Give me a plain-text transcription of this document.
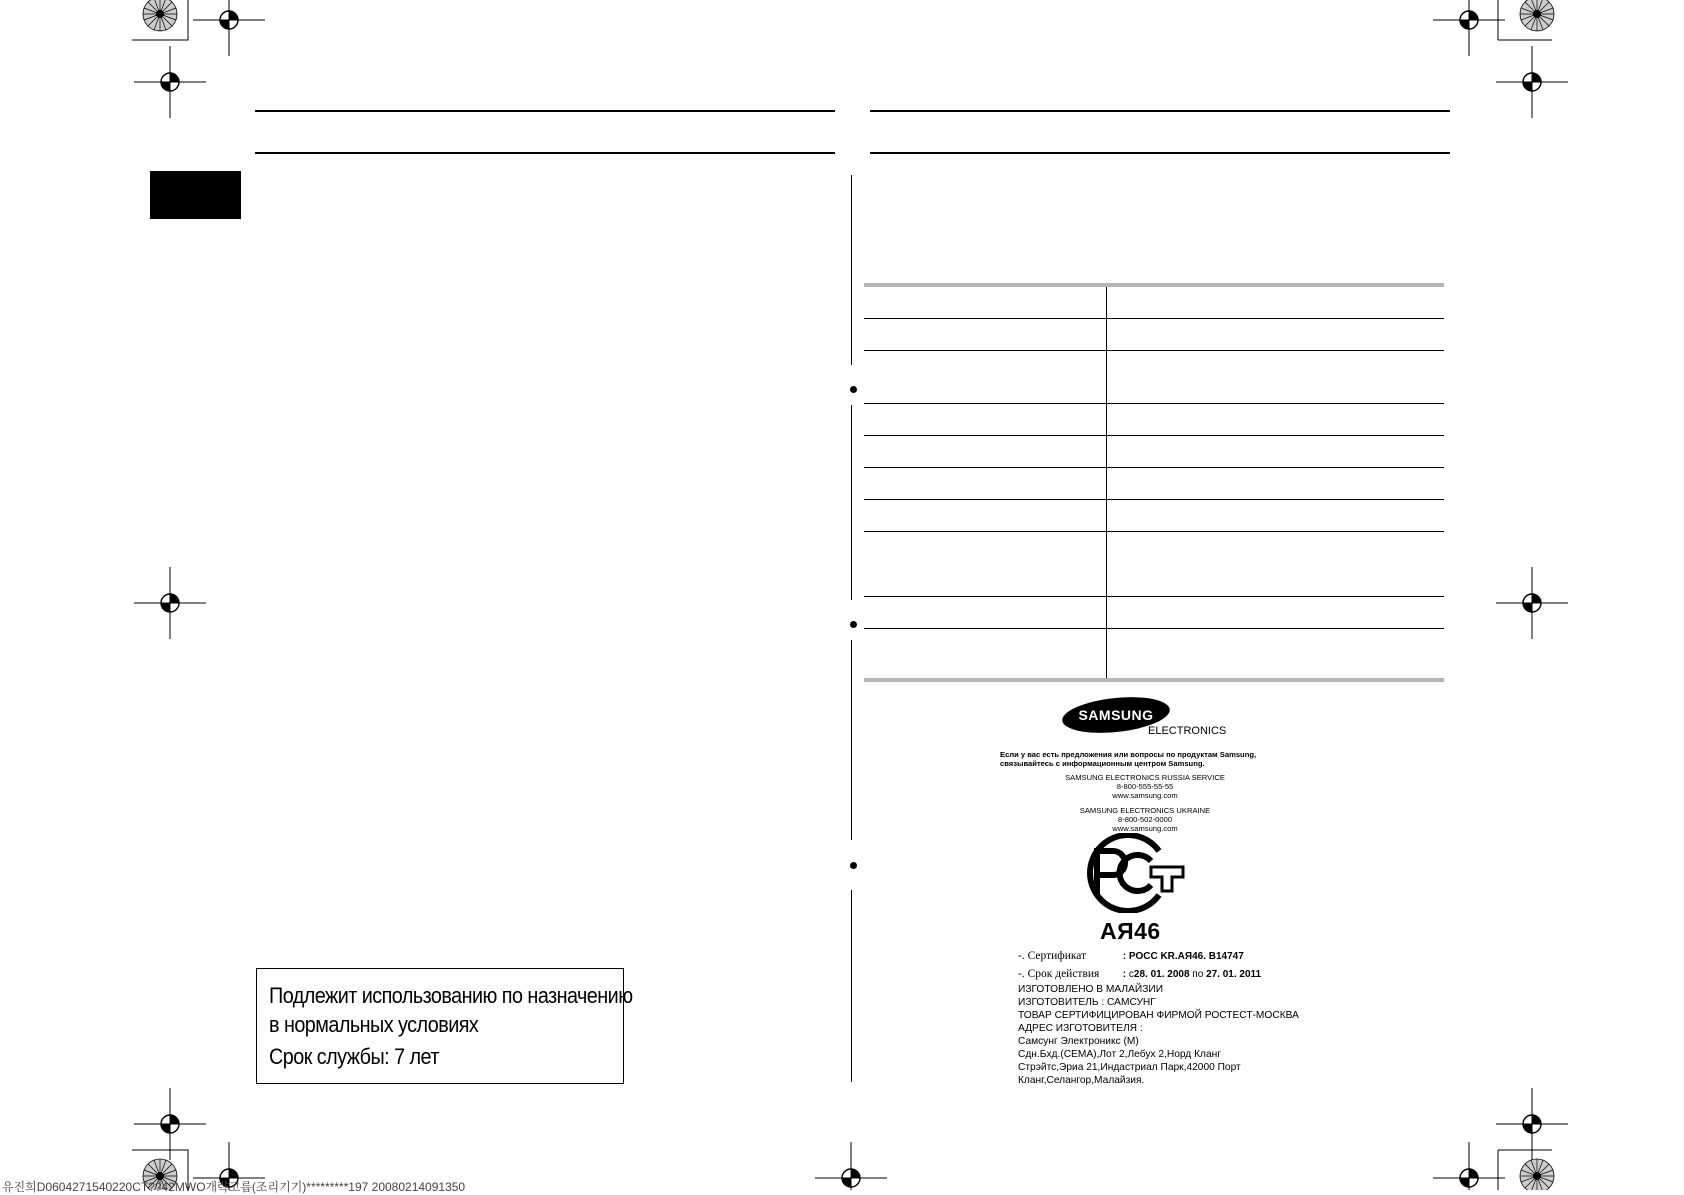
Подлежит использованию по назначению
в нормальных условиях
Срок службы: 7 лет
SAMSUNG
ELECTRONICS
Если у вас есть предложения или вопросы по продуктам Samsung,
связывайтесь с информационным центром Samsung.
SAMSUNG ELECTRONICS RUSSIA SERVICE
8-800-555-55-55
www.samsung.com
SAMSUNG ELECTRONICS UKRAINE
8-800-502-0000
www.samsung.com
АЯ46
-. Сертификат	: РОСС KR.АЯ46. B14747
-. Срок действия : с28. 01. 2008 по 27. 01. 2011
ИЗГОТОВЛЕНО В МАЛАЙЗИИ
ИЗГОТОВИТЕЛЬ : САМСУНГ
ТОВАР СЕРТИФИЦИРОВАН ФИРМОЙ РОСТЕСТ-МОСКВА
АДРЕС ИЗГОТОВИТЕЛЯ :
Самсунг Электроникс (М)
Сдн.Бхд.(СЕМА),Лот 2,Лебух 2,Норд Кланг
Стрэйтс,Эриа 21,Индастриал Парк,42000 Порт
Кланг,Селангор,Малайзия.
유진희D0604271540220CT??42MWO개략고릅(조리기기)*********197 20080214091350
